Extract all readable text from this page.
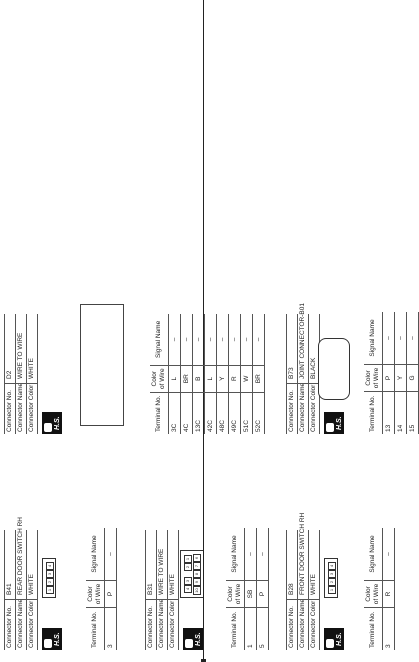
Connector No.
B41
Connector Name
REAR DOOR SWITCH RH
Connector Color
WHITE
H.S.
1
2
3
4
Terminal No.	Color of Wire	Signal Name
3	P	–
Connector No.
B31
Connector Name
WIRE TO WIRE
Connector Color
WHITE
H.S.
4
3
2
1
10
9
8
7
6
Terminal No.	Color of Wire	Signal Name
1	SB	–
5	P	–
Connector No.
B28
Connector Name
FRONT DOOR SWITCH RH
Connector Color
WHITE
H.S.
1
2
3
4
Terminal No.	Color of Wire	Signal Name
3	R	–
Connector No.
D2
Connector Name
WIRE TO WIRE
Connector Color
WHITE
H.S.	Terminal No.	Color of Wire	Signal Name
3C	L	–
4C	BR	–
13C	B	–
42C	L	–
48C	Y	–
49C	R	–
51C	W	–
52C	BR	–
Connector No.
B73
Connector Name
JOINT CONNECTOR-B01
Connector Color
BLACK
H.S.	Terminal No.	Color of Wire	Signal Name
13	P	–
14	Y	–
15	G	–
